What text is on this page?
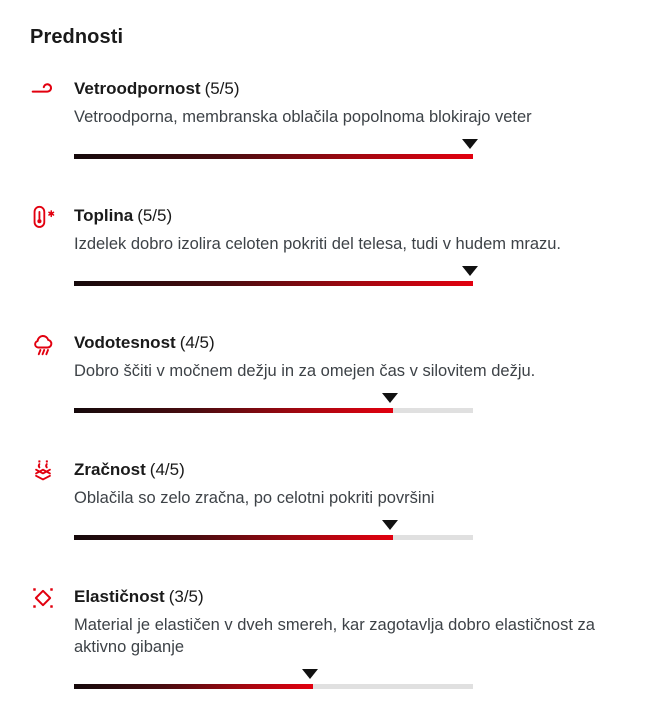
Prednosti
Vetroodpornost (5/5)

Vetroodporna, membranska oblačila popolnoma blokirajo veter

Toplina (5/5)

Izdelek dobro izolira celoten pokriti del telesa, tudi v hudem mrazu.

Vodotesnost (4/5)

Dobro ščiti v močnem dežju in za omejen čas v silovitem dežju.

Zračnost (4/5)

Oblačila so zelo zračna, po celotni pokriti površini

Elastičnost (3/5)

Material je elastičen v dveh smereh, kar zagotavlja dobro elastičnost za aktivno gibanje
